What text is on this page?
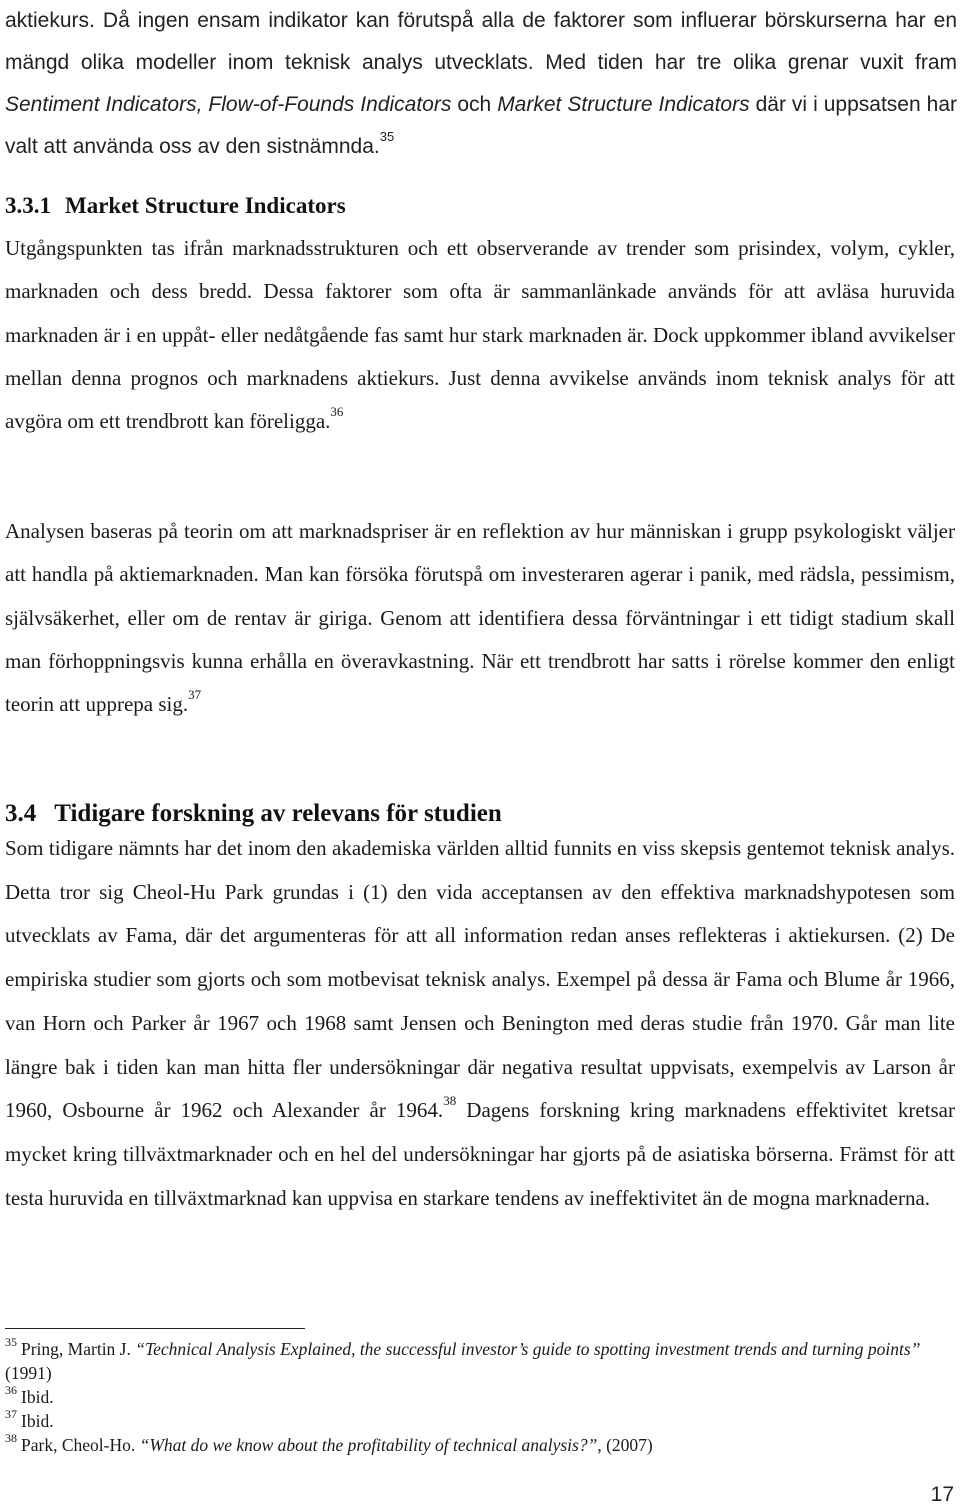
aktiekurs. Då ingen ensam indikator kan förutspå alla de faktorer som influerar börskurserna har en mängd olika modeller inom teknisk analys utvecklats. Med tiden har tre olika grenar vuxit fram Sentiment Indicators, Flow-of-Founds Indicators och Market Structure Indicators där vi i uppsatsen har valt att använda oss av den sistnämnda.$^{35}$

3.3.1 Market Structure Indicators

Utgångspunkten tas ifrån marknadsstrukturen och ett observerande av trender som prisindex, volym, cykler, marknaden och dess bredd. Dessa faktorer som ofta är sammanlänkade används för att avläsa huruvida marknaden är i en uppåt- eller nedåtgående fas samt hur stark marknaden är. Dock uppkommer ibland avvikelser mellan denna prognos och marknadens aktiekurs. Just denna avvikelse används inom teknisk analys för att avgöra om ett trendbrott kan föreligga.$^{36}$

Analysen baseras på teorin om att marknadspriser är en reflektion av hur människan i grupp psykologiskt väljer att handla på aktiemarknaden. Man kan försöka förutspå om investeraren agerar i panik, med rädsla, pessimism, självsäkerhet, eller om de rentav är giriga. Genom att identifiera dessa förväntningar i ett tidigt stadium skall man förhoppningsvis kunna erhålla en överavkastning. När ett trendbrott har satts i rörelse kommer den enligt teorin att upprepa sig.$^{37}$

3.4 Tidigare forskning av relevans för studien

Som tidigare nämnts har det inom den akademiska världen alltid funnits en viss skepsis gentemot teknisk analys. Detta tror sig Cheol-Hu Park grundas i (1) den vida acceptansen av den effektiva marknadshypotesen som utvecklats av Fama, där det argumenteras för att all information redan anses reflekteras i aktiekursen. (2) De empiriska studier som gjorts och som motbevisat teknisk analys. Exempel på dessa är Fama och Blume år 1966, van Horn och Parker år 1967 och 1968 samt Jensen och Benington med deras studie från 1970. Går man lite längre bak i tiden kan man hitta fler undersökningar där negativa resultat uppvisats, exempelvis av Larson år 1960, Osbourne år 1962 och Alexander år 1964.38 Dagens forskning kring marknadens effektivitet kretsar mycket kring tillväxtmarknader och en hel del undersökningar har gjorts på de asiatiska börserna. Främst för att testa huruvida en tillväxtmarknad kan uppvisa en starkare tendens av ineffektivitet än de mogna marknaderna.

$^{35}$ Pring, Martin J. “Technical Analysis Explained, the successful investor’s guide to spotting investment trends and turning points” (1991)
$^{36}$ Ibid.
$^{37}$ Ibid.
$^{38}$ Park, Cheol-Ho. “What do we know about the profitability of technical analysis?”, (2007)
17
